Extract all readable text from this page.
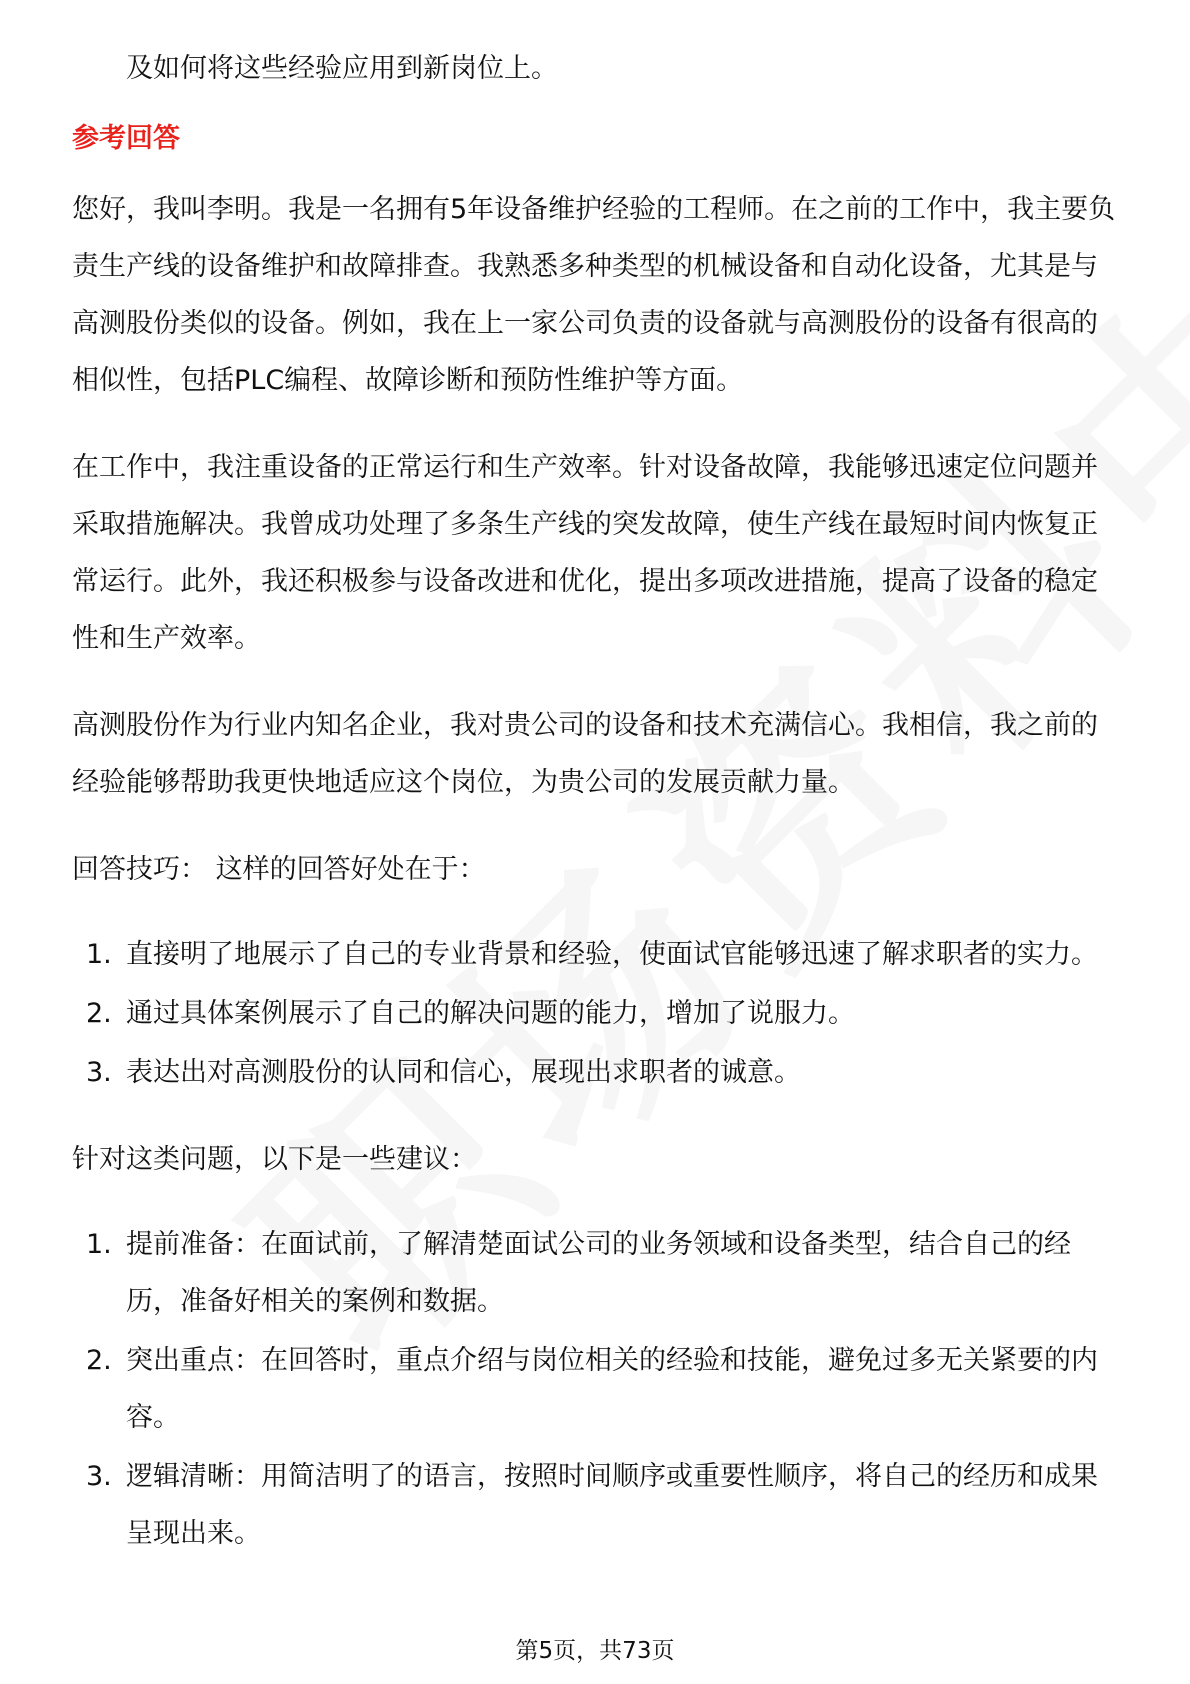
及如何将这些经验应用到新岗位上。
参考回答

您好，我叫李明。我是一名拥有5年设备维护经验的工程师。在之前的工作中，我主要负责生产线的设备维护和故障排查。我熟悉多种类型的机械设备和自动化设备，尤其是与高测股份类似的设备。例如，我在上一家公司负责的设备就与高测股份的设备有很高的相似性，包括PLC编程、故障诊断和预防性维护等方面。

在工作中，我注重设备的正常运行和生产效率。针对设备故障，我能够迅速定位问题并采取措施解决。我曾成功处理了多条生产线的突发故障，使生产线在最短时间内恢复正常运行。此外，我还积极参与设备改进和优化，提出多项改进措施，提高了设备的稳定性和生产效率。

高测股份作为行业内知名企业，我对贵公司的设备和技术充满信心。我相信，我之前的经验能够帮助我更快地适应这个岗位，为贵公司的发展贡献力量。

回答技巧： 这样的回答好处在于：

1. 直接明了地展示了自己的专业背景和经验，使面试官能够迅速了解求职者的实力。
2. 通过具体案例展示了自己的解决问题的能力，增加了说服力。
3. 表达出对高测股份的认同和信心，展现出求职者的诚意。

针对这类问题，以下是一些建议：

1. 提前准备：在面试前，了解清楚面试公司的业务领域和设备类型，结合自己的经历，准备好相关的案例和数据。
2. 突出重点：在回答时，重点介绍与岗位相关的经验和技能，避免过多无关紧要的内容。
3. 逻辑清晰：用简洁明了的语言，按照时间顺序或重要性顺序，将自己的经历和成果呈现出来。
第5页，共73页
